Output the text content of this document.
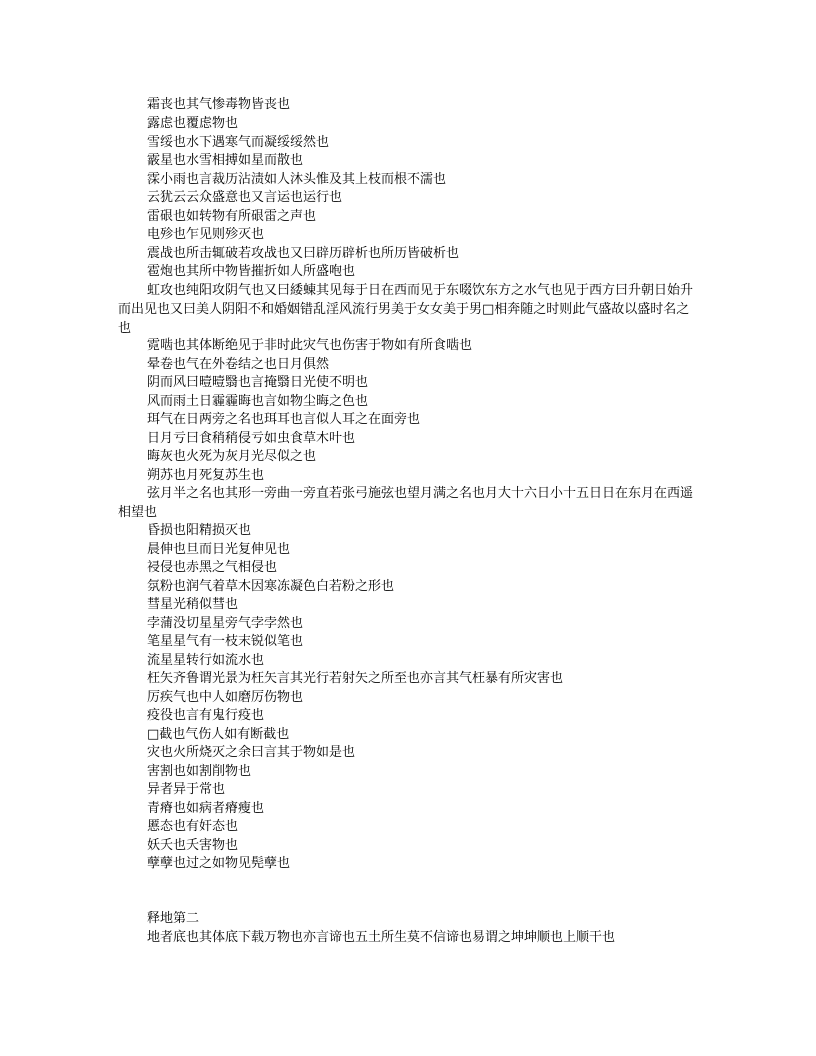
霜丧也其气惨毒物皆丧也

露虑也覆虑物也

雪绥也水下遇寒气而凝绥绥然也

霰星也水雪相搏如星而散也

霂小雨也言裁历沾渍如人沐头惟及其上枝而根不濡也

云犹云云众盛意也又言运也运行也

雷硍也如转物有所硍雷之声也

电殄也乍见则殄灭也

震战也所击辄破若攻战也又曰辟历辟析也所历皆破析也

雹炮也其所中物皆摧折如人所盛咆也

虹攻也纯阳攻阴气也又曰緌蝀其见每于日在西而见于东啜饮东方之水气也见于西方曰升朝日始升而出见也又曰美人阴阳不和婚姻错乱淫风流行男美于女女美于男□相奔随之时则此气盛故以盛时名之也

霓啮也其体断绝见于非时此灾气也伤害于物如有所食啮也

晕卷也气在外卷结之也日月俱然

阴而风曰曀曀翳也言掩翳日光使不明也

风而雨土日霾霾晦也言如物尘晦之色也

珥气在日两旁之名也珥耳也言似人耳之在面旁也

日月亏曰食稍稍侵亏如虫食草木叶也

晦灰也火死为灰月光尽似之也

朔苏也月死复苏生也

弦月半之名也其形一旁曲一旁直若张弓施弦也望月满之名也月大十六日小十五日日在东月在西遥相望也

昏损也阳精损灭也

晨伸也旦而日光复伸见也

祲侵也赤黑之气相侵也

氛粉也润气着草木因寒冻凝色白若粉之形也

彗星光稍似彗也

孛蒲没切星星旁气孛孛然也

笔星星气有一枝末锐似笔也

流星星转行如流水也

枉矢齐鲁谓光景为枉矢言其光行若射矢之所至也亦言其气枉暴有所灾害也

厉疾气也中人如磨厉伤物也

疫役也言有鬼行疫也

□截也气伤人如有断截也

灾也火所烧灭之余曰言其于物如是也

害割也如割削物也

异者异于常也

青瘠也如病者瘠瘦也

慝态也有奸态也

妖夭也夭害物也

孽孽也过之如物见髡孽也

释地第二

地者底也其体底下载万物也亦言谛也五土所生莫不信谛也易谓之坤坤顺也上顺干也
